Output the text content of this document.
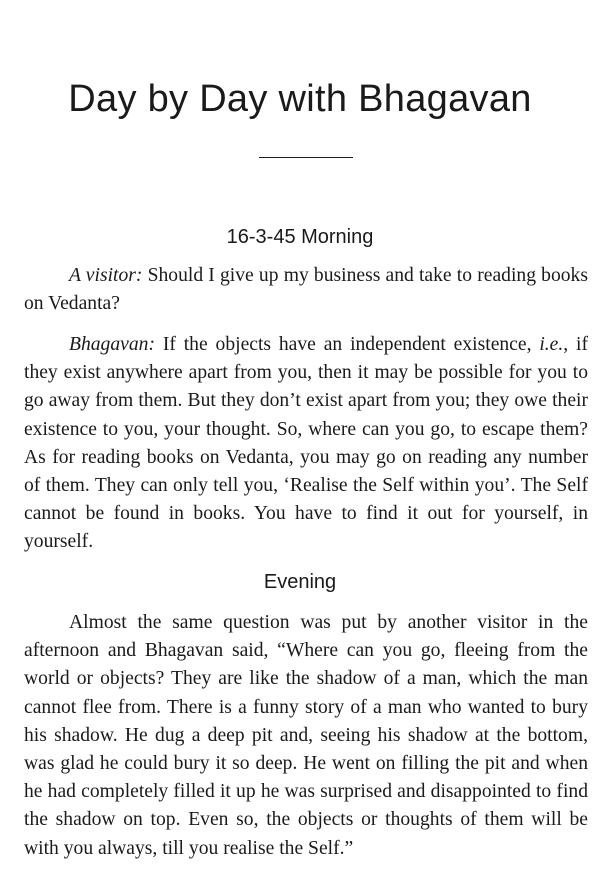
Day by Day with Bhagavan
16-3-45 Morning

A visitor: Should I give up my business and take to reading books on Vedanta?

Bhagavan: If the objects have an independent existence, i.e., if they exist anywhere apart from you, then it may be possible for you to go away from them. But they don’t exist apart from you; they owe their existence to you, your thought. So, where can you go, to escape them? As for reading books on Vedanta, you may go on reading any number of them. They can only tell you, ‘Realise the Self within you’. The Self cannot be found in books. You have to find it out for yourself, in yourself.

Evening

Almost the same question was put by another visitor in the afternoon and Bhagavan said, “Where can you go, fleeing from the world or objects? They are like the shadow of a man, which the man cannot flee from. There is a funny story of a man who wanted to bury his shadow. He dug a deep pit and, seeing his shadow at the bottom, was glad he could bury it so deep. He went on filling the pit and when he had completely filled it up he was surprised and disappointed to find the shadow on top. Even so, the objects or thoughts of them will be with you always, till you realise the Self.”
